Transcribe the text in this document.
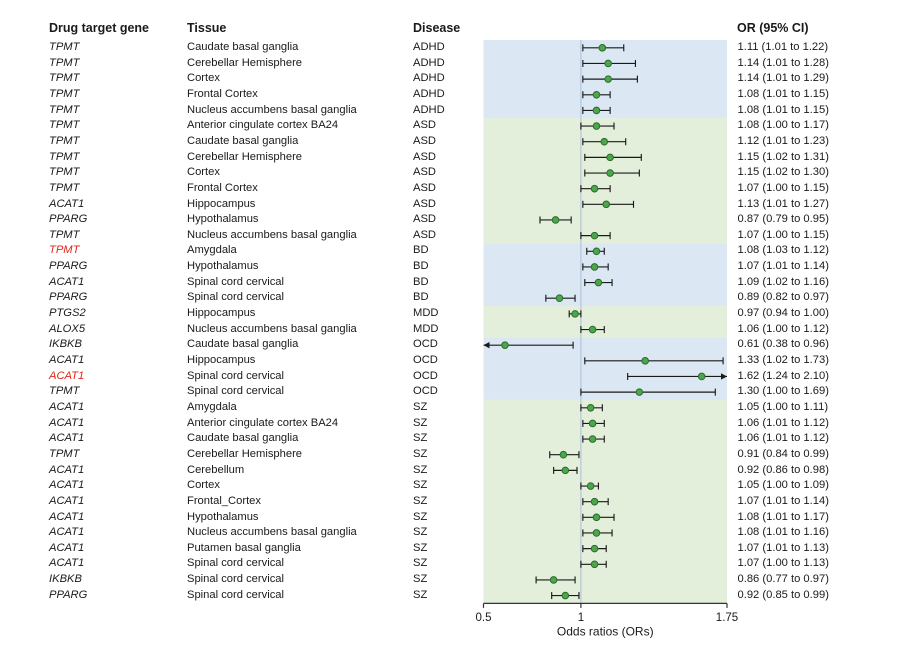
0.5	1	1.75
Odds ratios (ORs)
Drug target gene	Tissue	Disease	OR (95% CI)
TPMT	Caudate basal ganglia	ADHD	1.11 (1.01 to 1.22)
TPMT	Cerebellar Hemisphere	ADHD	1.14 (1.01 to 1.28)
TPMT	Cortex	ADHD	1.14 (1.01 to 1.29)
TPMT	Frontal Cortex	ADHD	1.08 (1.01 to 1.15)
TPMT	Nucleus accumbens basal ganglia	ADHD	1.08 (1.01 to 1.15)
TPMT	Anterior cingulate cortex BA24	ASD	1.08 (1.00 to 1.17)
TPMT	Caudate basal ganglia	ASD	1.12 (1.01 to 1.23)
TPMT	Cerebellar Hemisphere	ASD	1.15 (1.02 to 1.31)
TPMT	Cortex	ASD	1.15 (1.02 to 1.30)
TPMT	Frontal Cortex	ASD	1.07 (1.00 to 1.15)
ACAT1	Hippocampus	ASD	1.13 (1.01 to 1.27)
PPARG	Hypothalamus	ASD	0.87 (0.79 to 0.95)
TPMT	Nucleus accumbens basal ganglia	ASD	1.07 (1.00 to 1.15)
TPMT	Amygdala	BD	1.08 (1.03 to 1.12)
PPARG	Hypothalamus	BD	1.07 (1.01 to 1.14)
ACAT1	Spinal cord cervical	BD	1.09 (1.02 to 1.16)
PPARG	Spinal cord cervical	BD	0.89 (0.82 to 0.97)
PTGS2	Hippocampus	MDD	0.97 (0.94 to 1.00)
ALOX5	Nucleus accumbens basal ganglia	MDD	1.06 (1.00 to 1.12)
IKBKB	Caudate basal ganglia	OCD	0.61 (0.38 to 0.96)
ACAT1	Hippocampus	OCD	1.33 (1.02 to 1.73)
ACAT1	Spinal cord cervical	OCD	1.62 (1.24 to 2.10)
TPMT	Spinal cord cervical	OCD	1.30 (1.00 to 1.69)
ACAT1	Amygdala	SZ	1.05 (1.00 to 1.11)
ACAT1	Anterior cingulate cortex BA24	SZ	1.06 (1.01 to 1.12)
ACAT1	Caudate basal ganglia	SZ	1.06 (1.01 to 1.12)
TPMT	Cerebellar Hemisphere	SZ	0.91 (0.84 to 0.99)
ACAT1	Cerebellum	SZ	0.92 (0.86 to 0.98)
ACAT1	Cortex	SZ	1.05 (1.00 to 1.09)
ACAT1	Frontal_Cortex	SZ	1.07 (1.01 to 1.14)
ACAT1	Hypothalamus	SZ	1.08 (1.01 to 1.17)
ACAT1	Nucleus accumbens basal ganglia	SZ	1.08 (1.01 to 1.16)
ACAT1	Putamen basal ganglia	SZ	1.07 (1.01 to 1.13)
ACAT1	Spinal cord cervical	SZ	1.07 (1.00 to 1.13)
IKBKB	Spinal cord cervical	SZ	0.86 (0.77 to 0.97)
PPARG	Spinal cord cervical	SZ	0.92 (0.85 to 0.99)
